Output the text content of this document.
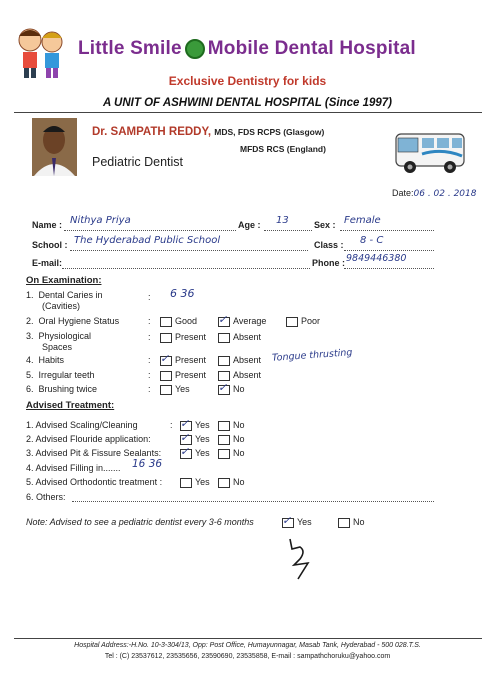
Little Smile Mobile Dental Hospital
Exclusive Dentistry for kids
A UNIT OF ASHWINI DENTAL HOSPITAL (Since 1997)
Dr. SAMPATH REDDY, MDS, FDS RCPS (Glasgow)
MFDS RCS (England)
Pediatric Dentist
Date:06 . 02 . 2018
Name : Nithya Priya	Age : 13	Sex : Female
School : The Hyderabad Public School	Class : 8 - C
E-mail:	Phone : 9849446380
On Examination:
1. Dental Caries in
(Cavities)
: 6 36
2. Oral Hygiene Status	:	Good ✓ Average	Poor
3. Physiological
Spaces
:	Present	Absent
4. Habits	: ✓ Present	Absent Tongue thrusting
5. Irregular teeth	:	Present	Absent
6. Brushing twice	:	Yes	✓ No
Advised Treatment:
1. Advised Scaling/Cleaning	: ✓ Yes	No
2. Advised Flouride application:	✓ Yes	No
3. Advised Pit & Fissure Sealants: ✓ Yes	No
4. Advised Filling in....... 16 36
5. Advised Orthodontic treatment :	Yes	No
6. Others:
Note: Advised to see a pediatric dentist every 3-6 months	✓ Yes	No
Hospital Address:-H.No. 10-3-304/13, Opp: Post Office, Humayunnagar, Masab Tank, Hyderabad - 500 028.T.S.
Tel : (C) 23537612, 23535656, 23590690, 23535858, E-mail : sampathchoruku@yahoo.com
